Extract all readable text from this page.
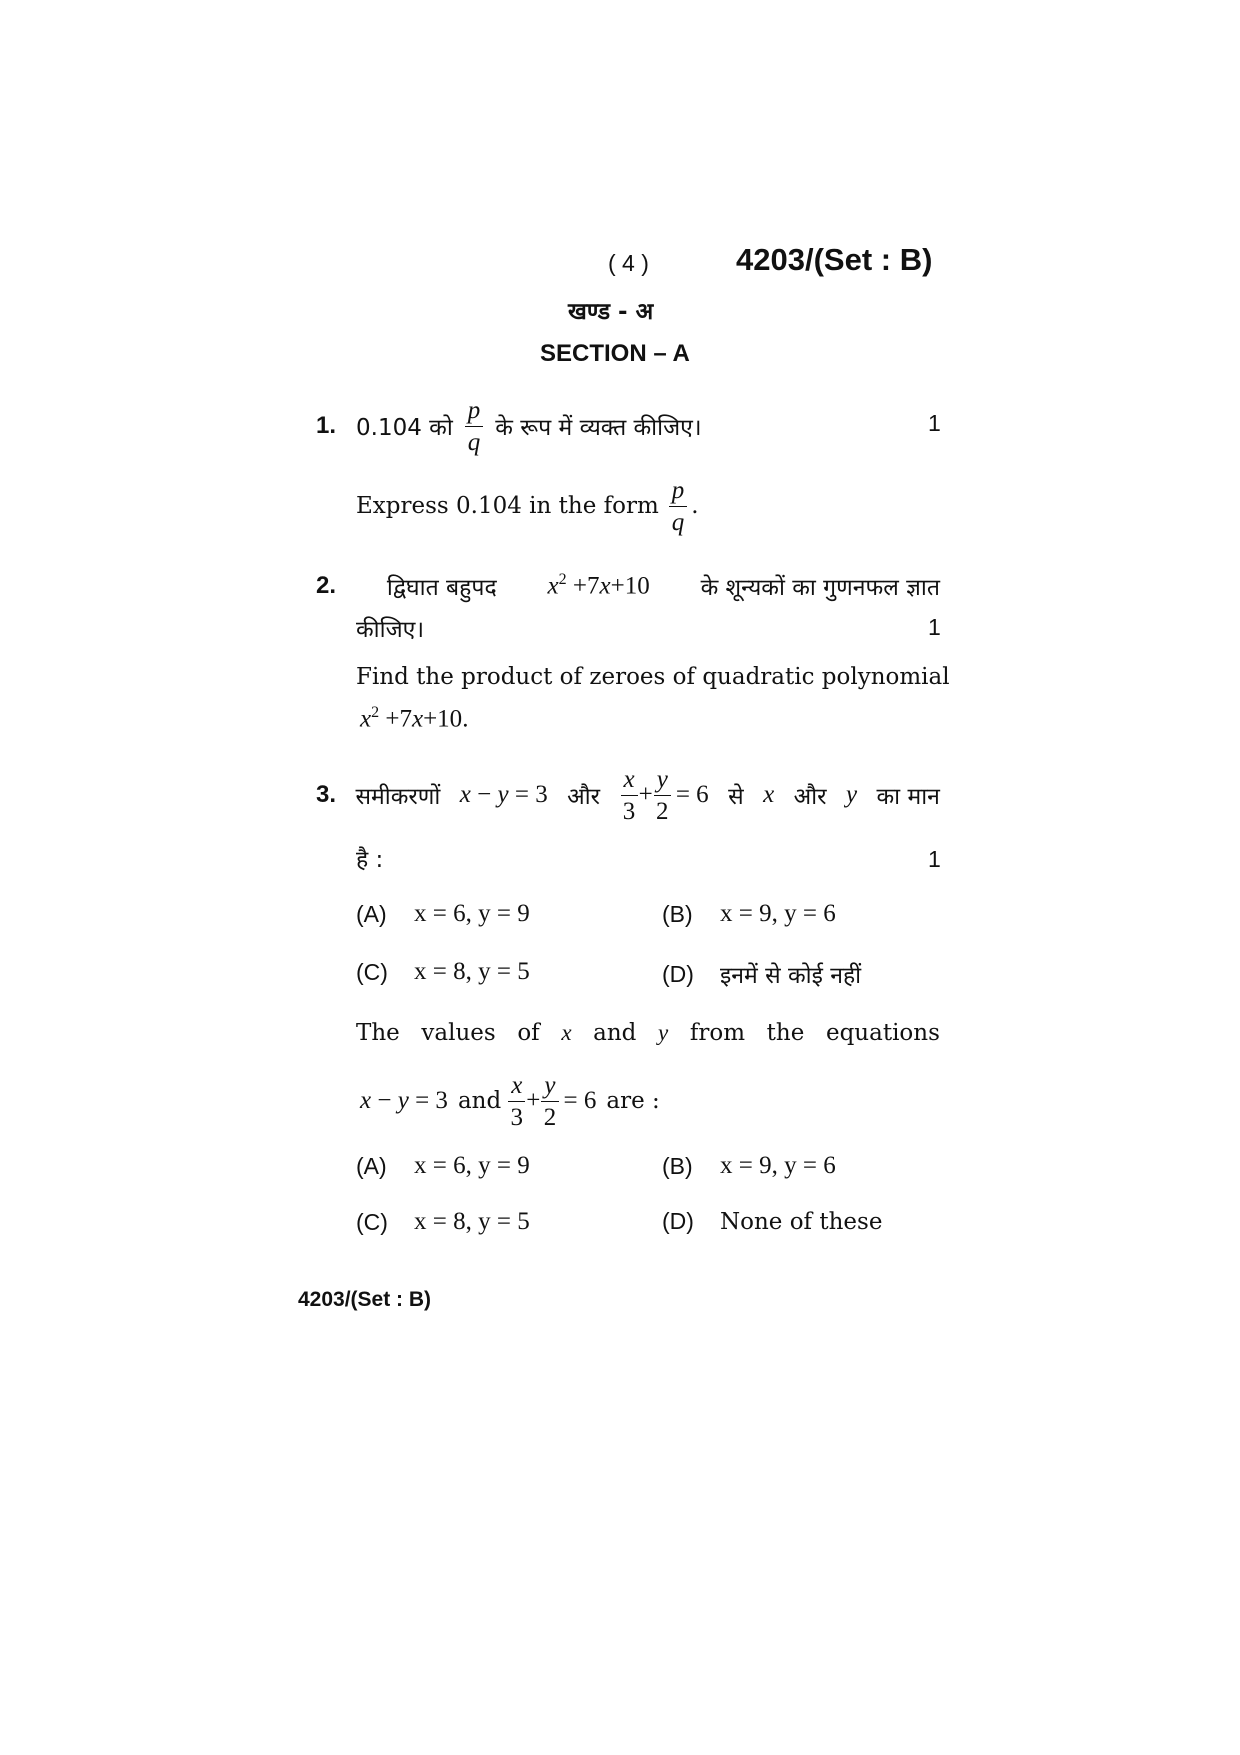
( 4 )	4203/(Set : B)
खण्ड - अ
SECTION – A
1. 0.104 को $\frac{p}{q}$ के रूप में व्यक्त कीजिए।	1
Express 0.104 in the form $\frac{p}{q}$ .
2. द्विघात बहुपद $x^2 +7x+10$ के शून्यकों का गुणनफल ज्ञात
कीजिए।	1
Find the product of zeroes of quadratic polynomial
$x^2 +7x+10$.
3. समीकरणों x − y = 3 और $\frac{x}{3} + \frac{y}{2} = 6$ से x और y का मान
है :	1
(A)	x = 6, y = 9	(B)	x = 9, y = 6
(C)	x = 8, y = 5	(D)	इनमें से कोई नहीं
The values of x and y from the equations
x − y = 3 and $\frac{x}{3} + \frac{y}{2} = 6$ are :
(A)	x = 6, y = 9	(B)	x = 9, y = 6
(C)	x = 8, y = 5	(D)	None of these
4203/(Set : B)
